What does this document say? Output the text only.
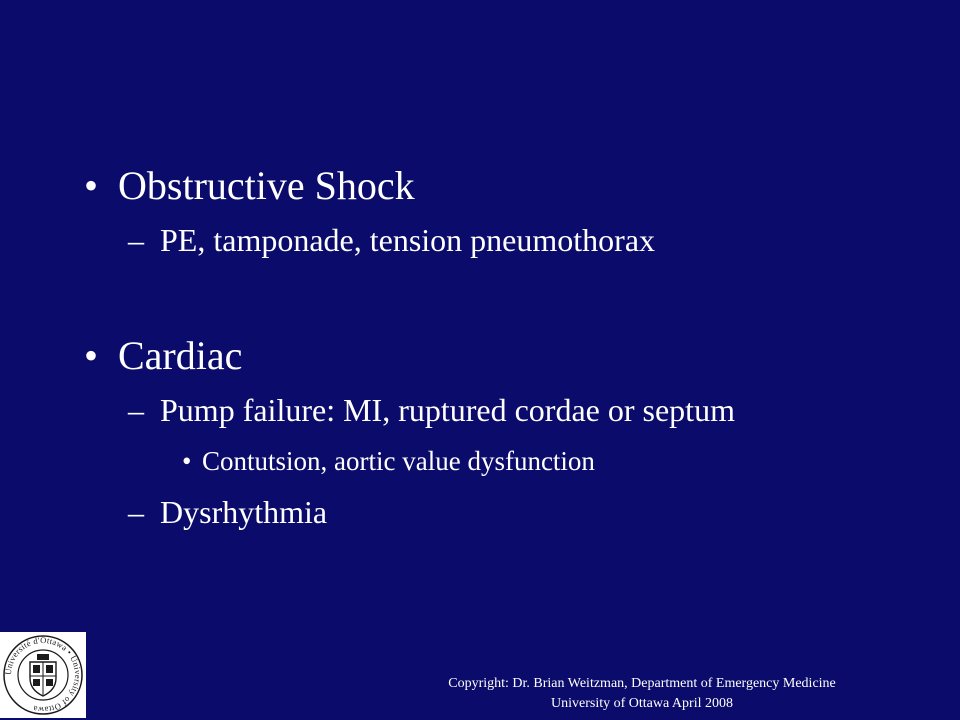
• Obstructive Shock
– PE, tamponade, tension pneumothorax
• Cardiac
– Pump failure: MI, ruptured cordae or septum
• Contutsion, aortic value dysfunction
– Dysrhythmia
Université d'Ottawa • University of Ottawa
Copyright: Dr. Brian Weitzman, Department of Emergency Medicine
University of Ottawa April 2008
